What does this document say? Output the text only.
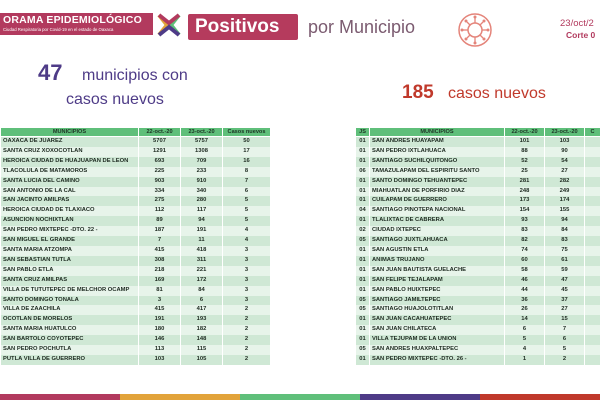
ORAMA EPIDEMIOLÓGICO
Ciudad Respiratoria por Covid-19 en el estado de Oaxaca	Positivos por Municipio	23/oct/2
Corte 0
47 municipios con
casos nuevos	185 casos nuevos
MUNICIPIOS	22-oct.-20	23-oct.-20	Casos nuevos
OAXACA DE JUAREZ	5707	5757	50
SANTA CRUZ XOXOCOTLAN	1291	1308	17
HEROICA CIUDAD DE HUAJUAPAN DE LEON	693	709	16
TLACOLULA DE MATAMOROS	225	233	8
SANTA LUCIA DEL CAMINO	903	910	7
SAN ANTONIO DE LA CAL	334	340	6
SAN JACINTO AMILPAS	275	280	5
HEROICA CIUDAD DE TLAXIACO	112	117	5
ASUNCION NOCHIXTLAN	89	94	5
SAN PEDRO MIXTEPEC -DTO. 22 -	187	191	4
SAN MIGUEL EL GRANDE	7	11	4
SANTA MARIA ATZOMPA	415	418	3
SAN SEBASTIAN TUTLA	308	311	3
SAN PABLO ETLA	218	221	3
SANTA CRUZ AMILPAS	169	172	3
VILLA DE TUTUTEPEC DE MELCHOR OCAMP	81	84	3
SANTO DOMINGO TONALA	3	6	3
VILLA DE ZAACHILA	415	417	2
OCOTLAN DE MORELOS	191	193	2
SANTA MARIA HUATULCO	180	182	2
SAN BARTOLO COYOTEPEC	146	148	2
SAN PEDRO POCHUTLA	113	115	2
PUTLA VILLA DE GUERRERO	103	105	2
JS	MUNICIPIOS	22-oct.-20	23-oct.-20	C
01	SAN ANDRES HUAYAPAM	101	103	
01	SAN PEDRO IXTLAHUACA	88	90	
01	SANTIAGO SUCHILQUITONGO	52	54	
06	TAMAZULAPAM DEL ESPIRITU SANTO	25	27	
01	SANTO DOMINGO TEHUANTEPEC	281	282	
01	MIAHUATLAN DE PORFIRIO DIAZ	248	249	
01	CUILAPAM DE GUERRERO	173	174	
04	SANTIAGO PINOTEPA NACIONAL	154	155	
01	TLALIXTAC DE CABRERA	93	94	
02	CIUDAD IXTEPEC	83	84	
05	SANTIAGO JUXTLAHUACA	82	83	
01	SAN AGUSTIN ETLA	74	75	
01	ANIMAS TRUJANO	60	61	
01	SAN JUAN BAUTISTA GUELACHE	58	59	
01	SAN FELIPE TEJALAPAM	46	47	
01	SAN PABLO HUIXTEPEC	44	45	
05	SANTIAGO JAMILTEPEC	36	37	
05	SANTIAGO HUAJOLOTITLAN	26	27	
01	SAN JUAN CACAHUATEPEC	14	15	
01	SAN JUAN CHILATECA	6	7	
01	VILLA TEJUPAM DE LA UNION	5	6	
05	SAN ANDRES HUAXPALTEPEC	4	5	
01	SAN PEDRO MIXTEPEC -DTO. 26 -	1	2	
